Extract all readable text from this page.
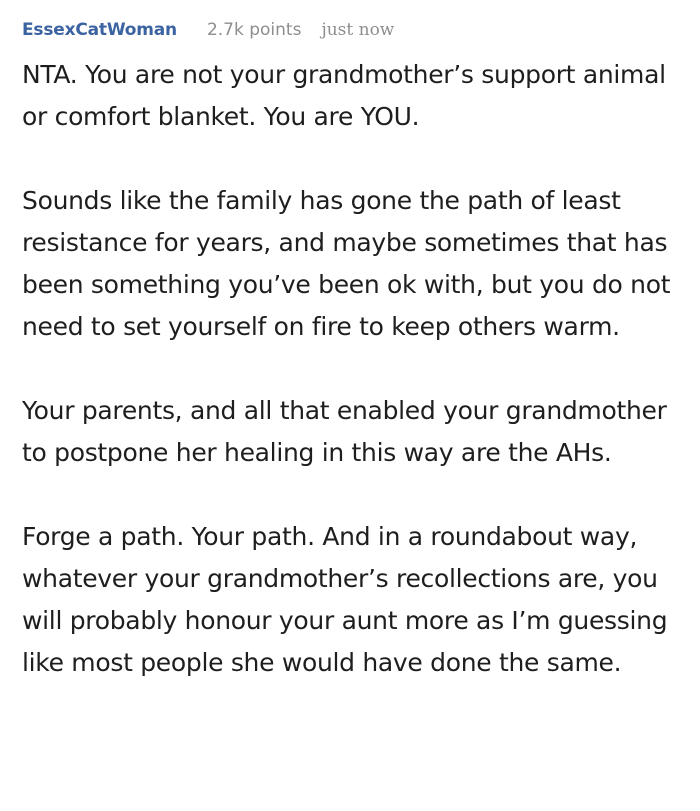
EssexCatWoman 2.7k points just now

NTA. You are not your grandmother’s support animal or comfort blanket. You are YOU.

Sounds like the family has gone the path of least resistance for years, and maybe sometimes that has been something you’ve been ok with, but you do not need to set yourself on fire to keep others warm.

Your parents, and all that enabled your grandmother to postpone her healing in this way are the AHs.

Forge a path. Your path. And in a roundabout way, whatever your grandmother’s recollections are, you will probably honour your aunt more as I’m guessing like most people she would have done the same.
